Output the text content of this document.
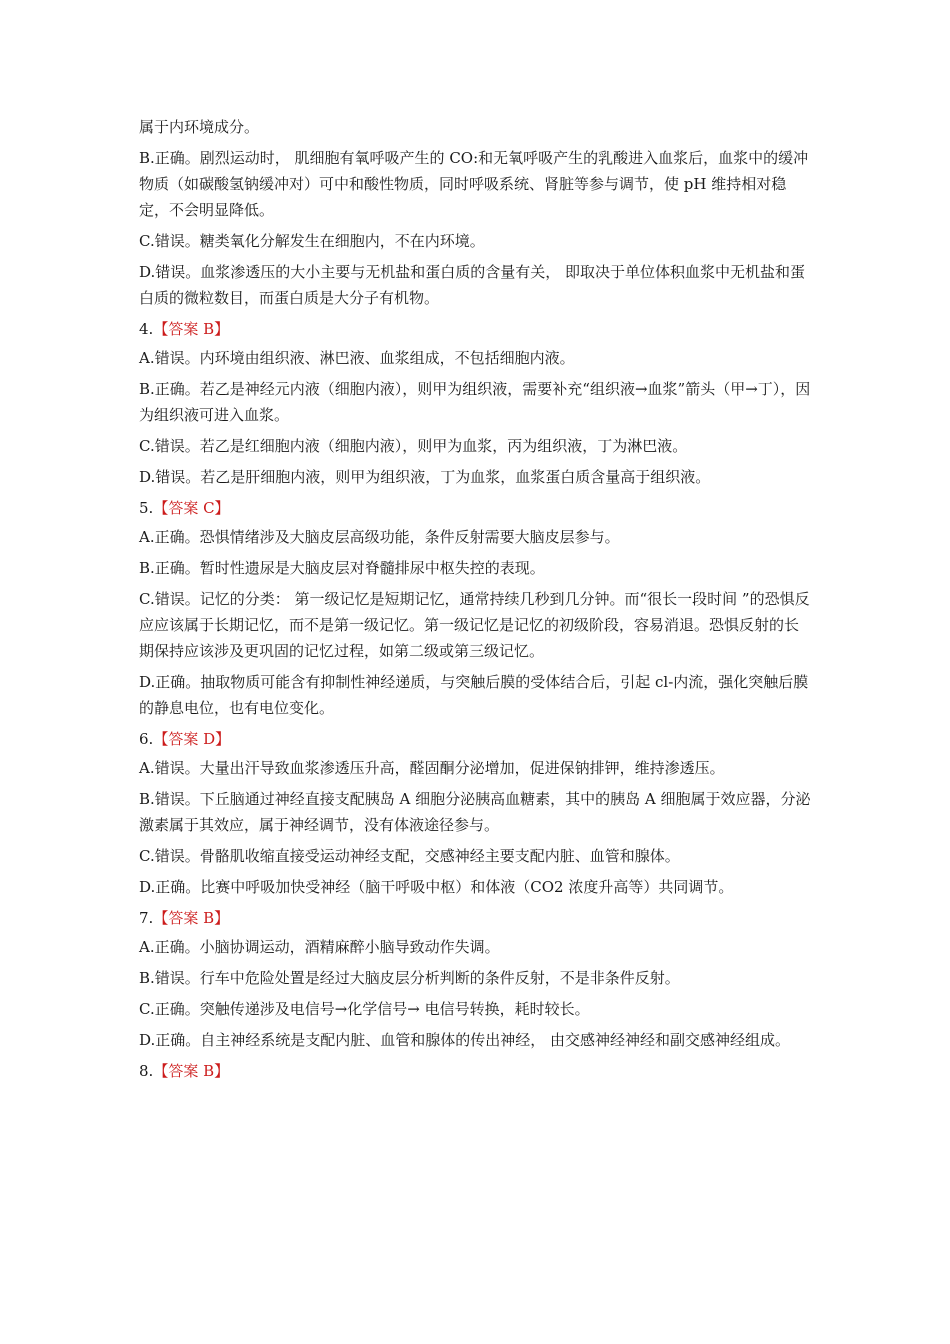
属于内环境成分。

B.正确。剧烈运动时， 肌细胞有氧呼吸产生的 CO:和无氧呼吸产生的乳酸进入血浆后，血浆中的缓冲物质（如碳酸氢钠缓冲对）可中和酸性物质，同时呼吸系统、肾脏等参与调节，使 pH 维持相对稳定，不会明显降低。

C.错误。糖类氧化分解发生在细胞内，不在内环境。

D.错误。血浆渗透压的大小主要与无机盐和蛋白质的含量有关， 即取决于单位体积血浆中无机盐和蛋白质的微粒数目，而蛋白质是大分子有机物。

4.【答案 B】

A.错误。内环境由组织液、淋巴液、血浆组成，不包括细胞内液。

B.正确。若乙是神经元内液（细胞内液），则甲为组织液，需要补充“组织液→血浆”箭头（甲→丁），因为组织液可进入血浆。

C.错误。若乙是红细胞内液（细胞内液），则甲为血浆，丙为组织液，丁为淋巴液。

D.错误。若乙是肝细胞内液，则甲为组织液，丁为血浆，血浆蛋白质含量高于组织液。

5.【答案 C】

A.正确。恐惧情绪涉及大脑皮层高级功能，条件反射需要大脑皮层参与。

B.正确。暂时性遗尿是大脑皮层对脊髓排尿中枢失控的表现。

C.错误。记忆的分类： 第一级记忆是短期记忆，通常持续几秒到几分钟。而“很长一段时间 ”的恐惧反应应该属于长期记忆，而不是第一级记忆。第一级记忆是记忆的初级阶段，容易消退。恐惧反射的长期保持应该涉及更巩固的记忆过程，如第二级或第三级记忆。

D.正确。抽取物质可能含有抑制性神经递质，与突触后膜的受体结合后，引起 cl-内流，强化突触后膜的静息电位，也有电位变化。

6.【答案 D】

A.错误。大量出汗导致血浆渗透压升高，醛固酮分泌增加，促进保钠排钾，维持渗透压。

B.错误。下丘脑通过神经直接支配胰岛 A 细胞分泌胰高血糖素，其中的胰岛 A 细胞属于效应器，分泌激素属于其效应，属于神经调节，没有体液途径参与。

C.错误。骨骼肌收缩直接受运动神经支配，交感神经主要支配内脏、血管和腺体。

D.正确。比赛中呼吸加快受神经（脑干呼吸中枢）和体液（CO2 浓度升高等）共同调节。

7.【答案 B】

A.正确。小脑协调运动，酒精麻醉小脑导致动作失调。

B.错误。行车中危险处置是经过大脑皮层分析判断的条件反射，不是非条件反射。

C.正确。突触传递涉及电信号→化学信号→ 电信号转换，耗时较长。

D.正确。自主神经系统是支配内脏、血管和腺体的传出神经， 由交感神经神经和副交感神经组成。

8.【答案 B】
